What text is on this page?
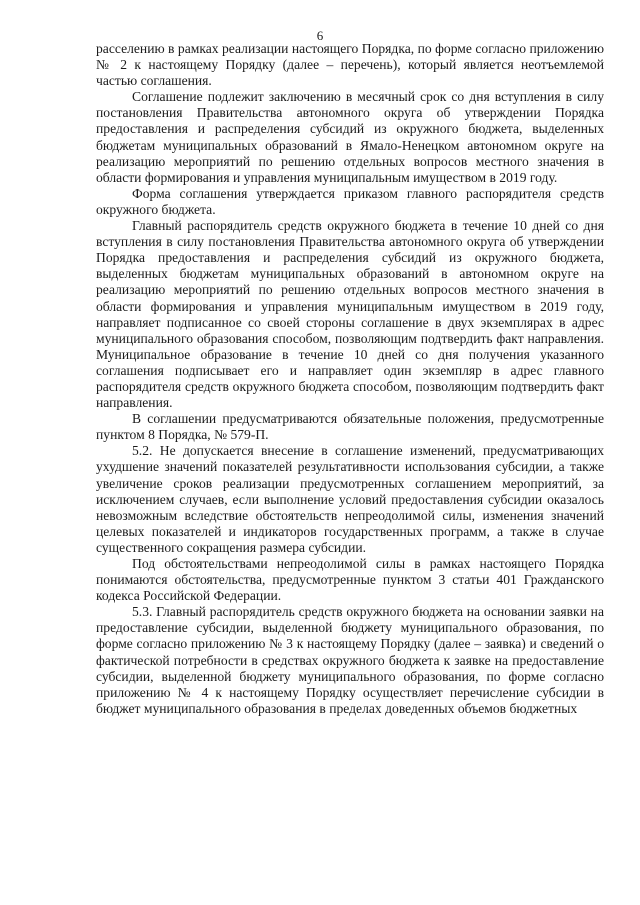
6

расселению в рамках реализации настоящего Порядка, по форме согласно приложению № 2 к настоящему Порядку (далее – перечень), который является неотъемлемой частью соглашения.

Соглашение подлежит заключению в месячный срок со дня вступления в силу постановления Правительства автономного округа об утверждении Порядка предоставления и распределения субсидий из окружного бюджета, выделенных бюджетам муниципальных образований в Ямало-Ненецком автономном округе на реализацию мероприятий по решению отдельных вопросов местного значения в области формирования и управления муниципальным имуществом в 2019 году.

Форма соглашения утверждается приказом главного распорядителя средств окружного бюджета.

Главный распорядитель средств окружного бюджета в течение 10 дней со дня вступления в силу постановления Правительства автономного округа об утверждении Порядка предоставления и распределения субсидий из окружного бюджета, выделенных бюджетам муниципальных образований в автономном округе на реализацию мероприятий по решению отдельных вопросов местного значения в области формирования и управления муниципальным имуществом в 2019 году, направляет подписанное со своей стороны соглашение в двух экземплярах в адрес муниципального образования способом, позволяющим подтвердить факт направления. Муниципальное образование в течение 10 дней со дня получения указанного соглашения подписывает его и направляет один экземпляр в адрес главного распорядителя средств окружного бюджета способом, позволяющим подтвердить факт направления.

В соглашении предусматриваются обязательные положения, предусмотренные пунктом 8 Порядка, № 579-П.

5.2. Не допускается внесение в соглашение изменений, предусматривающих ухудшение значений показателей результативности использования субсидии, а также увеличение сроков реализации предусмотренных соглашением мероприятий, за исключением случаев, если выполнение условий предоставления субсидии оказалось невозможным вследствие обстоятельств непреодолимой силы, изменения значений целевых показателей и индикаторов государственных программ, а также в случае существенного сокращения размера субсидии.

Под обстоятельствами непреодолимой силы в рамках настоящего Порядка понимаются обстоятельства, предусмотренные пунктом 3 статьи 401 Гражданского кодекса Российской Федерации.

5.3. Главный распорядитель средств окружного бюджета на основании заявки на предоставление субсидии, выделенной бюджету муниципального образования, по форме согласно приложению № 3 к настоящему Порядку (далее – заявка) и сведений о фактической потребности в средствах окружного бюджета к заявке на предоставление субсидии, выделенной бюджету муниципального образования, по форме согласно приложению № 4 к настоящему Порядку осуществляет перечисление субсидии в бюджет муниципального образования в пределах доведенных объемов бюджетных
